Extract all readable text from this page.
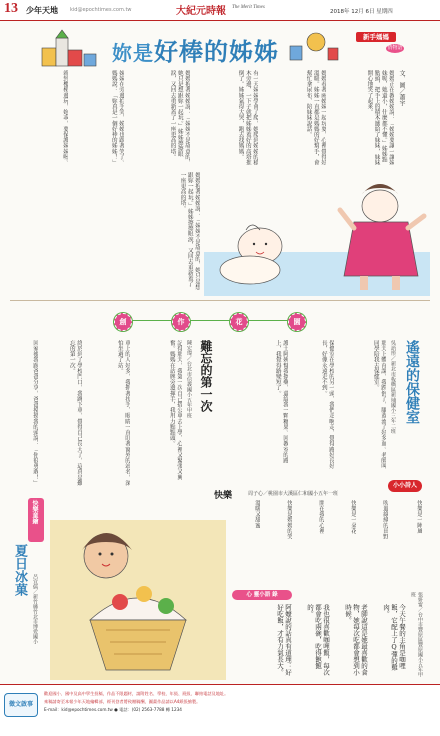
13 少年天地 kid@epochtimes.com.tw	大紀元時報 The Merit Times
2018年 12月 6日 星期四
妳是好棒的姊姊
新手媽媽
情物語
文．圖／蕭宇
媽媽正在教姊姊說：「姊姊要讓一讓妹妹喔，她還小，什麼都不懂。」姊姊點點頭，把手上的積木遞給了妹妹，妹妹開心地笑了起來。
媽媽看著兩姊妹一起玩耍，心裡覺得好溫暖。姊姊一直都是媽媽的好幫手，會幫忙拿尿布、陪妹妹說話。
有一天妹妹學會了爬，她爬到姊姊的積木旁邊，一下子就把姊姊蓋好的高塔推倒了。姊姊氣得大哭，跑去找媽媽。
媽媽抱著姊姊說：「妹妹不是故意的，她只是想跟妳一起玩。」姊姊擦擦眼淚，又回去重新蓋了一座更高的塔。
妹妹在旁邊拍手笑，姊姊也跟著笑了。媽媽說：「妳真是一個好棒的姊姊！」
就到樓梯邊玩，妳乖，要保護妹妹喔。
媽媽抱著姊姊說：「妹妹不是故意的，她只是想跟妳一起玩。」姊姊擦擦眼淚，又回去重新蓋了一座更高的塔。
創	作	花	園
遙遠的保健室
吳語形／新北市板橋區新埔國小三年二班
那天上體育課，我跌倒了，膝蓋流了好多血。老師叫同學陪我去保健室。
保健室在學校的另一頭，我們走啊走，覺得路好長好長，好像永遠走不到。
護士阿姨幫我擦藥，還給我一顆糖果。回教室的路上，我覺得路變短了。
難忘的第一次
陳宏瑋／台北市信義國小五年甲班
記得那天，我第一次自己搭公車去上學，心裡又緊張又興奮。媽媽在站牌旁邊揮手，我用力點點頭。
車上的人好多，我抓著扶手，眼睛一直盯著窗外的站名，深怕坐過了站。
終於到了學校門口，我跳下車，覺得自己長大了，這真是難忘的第一次。
回家後我跟爸爸分享，爸爸摸摸我的頭說：「你很勇敢！」
快樂	周子心／桃園市大溪區仁和國小五年一班
小小詩人
快樂是一陣風
吹過綠綠的田野
快樂是一朵花
開在我的心裡
快樂是媽媽的笑
溫暖又甜蜜
心 靈小語 錄	張妍甯／台中市豐原區豐原國小五年甲班
今天午餐的主角是咖哩飯，它配上了Q彈的雞肉。
老師說這是她最喜歡的食物，她每次吃都會想到小時候。
我也很喜歡咖哩飯，每次都會吃兩碗，吃得飽飽的。
阿嬤說的話真有道理：好好吃飯，才有力氣長大。
快樂童繪
夏日冰菓
呂宜儒／新竹縣竹北市博愛國小
徵文啟事
歡迎國小、國中及高中學生投稿，作品不限題材，請附姓名、學校、年級、班級、聯絡電話及地址。
來稿請寄至本報少年天地編輯部，經刊登者將致贈稿酬，圖畫作品請以A4紙張繪製。
E-mail：kid@epochtimes.com.tw ● 電話：(02) 2563-7788 轉 1234
